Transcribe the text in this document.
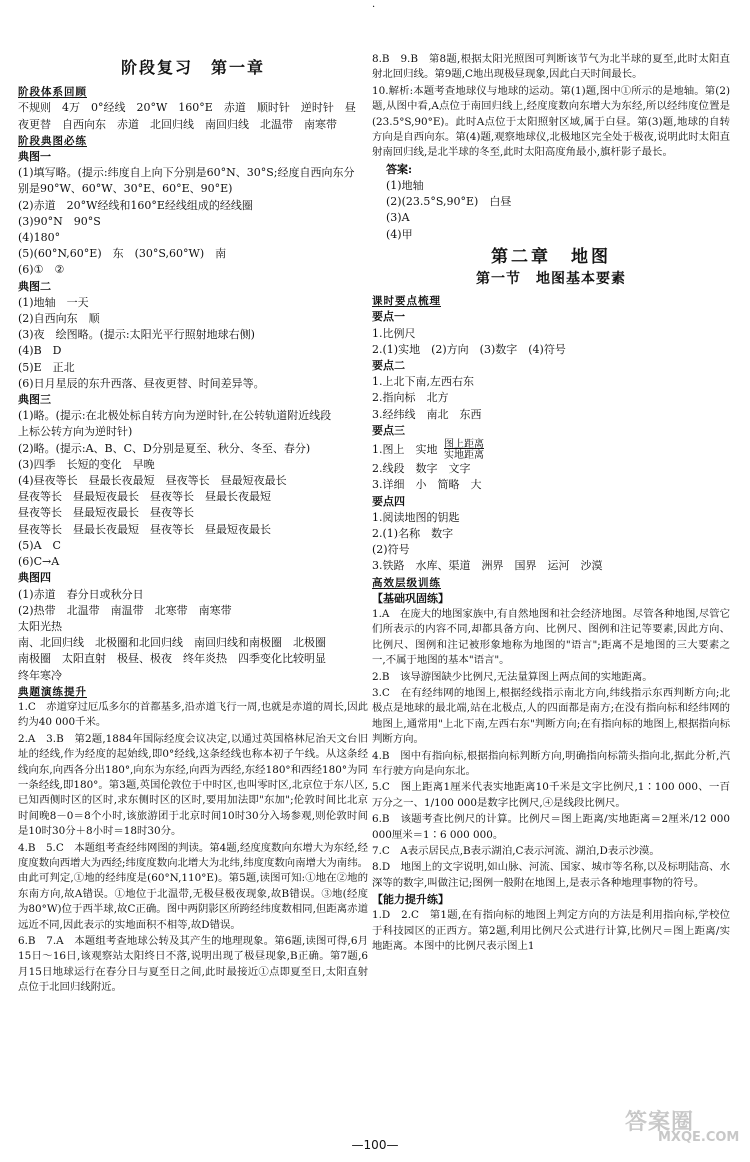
·
阶段复习　第一章
阶段体系回顾
不规则　4万　0°经线　20°W　160°E　赤道　顺时针　逆时针　昼
夜更替　自西向东　赤道　北回归线　南回归线　北温带　南寒带
阶段典图必练
典图一
(1)填写略。(提示:纬度自上向下分别是60°N、30°S;经度自西向东分
别是90°W、60°W、30°E、60°E、90°E)
(2)赤道　20°W经线和160°E经线组成的经线圈
(3)90°N　90°S
(4)180°
(5)(60°N,60°E)　东　(30°S,60°W)　南
(6)①　②
典图二
(1)地轴　一天
(2)自西向东　顺
(3)夜　绘图略。(提示:太阳光平行照射地球右侧)
(4)B　D
(5)E　正北
(6)日月星辰的东升西落、昼夜更替、时间差异等。
典图三
(1)略。(提示:在北极处标自转方向为逆时针,在公转轨道附近线段
上标公转方向为逆时针)
(2)略。(提示:A、B、C、D分别是夏至、秋分、冬至、春分)
(3)四季　长短的变化　早晚
(4)昼夜等长　昼最长夜最短　昼夜等长　昼最短夜最长
昼夜等长　昼最短夜最长　昼夜等长　昼最长夜最短
昼夜等长　昼最短夜最长　昼夜等长
昼夜等长　昼最长夜最短　昼夜等长　昼最短夜最长
(5)A　C
(6)C→A
典图四
(1)赤道　春分日或秋分日
(2)热带　北温带　南温带　北寒带　南寒带
太阳光热
南、北回归线　北极圈和北回归线　南回归线和南极圈　北极圈
南极圈　太阳直射　极昼、极夜　终年炎热　四季变化比较明显
终年寒冷
典题演练提升

1.C　赤道穿过厄瓜多尔的首都基多,沿赤道飞行一周,也就是赤道的周长,因此约为40 000千米。

2.A　3.B　第2题,1884年国际经度会议决定,以通过英国格林尼治天文台旧址的经线,作为经度的起始线,即0°经线,这条经线也称本初子午线。从这条经线向东,向西各分出180°,向东为东经,向西为西经,东经180°和西经180°为同一条经线,即180°。第3题,英国伦敦位于中时区,也叫零时区,北京位于东八区,已知西侧时区的区时,求东侧时区的区时,要用加法即"东加";伦敦时间比北京时间晚8－0＝8个小时,该旅游团于北京时间10时30分入场参观,则伦敦时间是10时30分＋8小时＝18时30分。

4.B　5.C　本题组考查经纬网图的判读。第4题,经度度数向东增大为东经,经度度数向西增大为西经;纬度度数向北增大为北纬,纬度度数向南增大为南纬。由此可判定,①地的经纬度是(60°N,110°E)。第5题,读图可知:①地在②地的东南方向,故A错误。①地位于北温带,无极昼极夜现象,故B错误。③地(经度为80°W)位于西半球,故C正确。图中两阴影区所跨经纬度数相同,但距离赤道远近不同,因此表示的实地面积不相等,故D错误。

6.B　7.A　本题组考查地球公转及其产生的地理现象。第6题,读图可得,6月15日～16日,该观察站太阳终日不落,说明出现了极昼现象,B正确。第7题,6月15日地球运行在春分日与夏至日之间,此时最接近①点即夏至日,太阳直射点位于北回归线附近。

8.B　9.B　第8题,根据太阳光照图可判断该节气为北半球的夏至,此时太阳直射北回归线。第9题,C地出现极昼现象,因此白天时间最长。

10.解析:本题考查地球仪与地球的运动。第(1)题,图中①所示的是地轴。第(2)题,从图中看,A点位于南回归线上,经度度数向东增大为东经,所以经纬度位置是(23.5°S,90°E)。此时A点位于太阳照射区域,属于白昼。第(3)题,地球的自转方向是自西向东。第(4)题,观察地球仪,北极地区完全处于极夜,说明此时太阳直射南回归线,是北半球的冬至,此时太阳高度角最小,旗杆影子最长。

答案:
(1)地轴
(2)(23.5°S,90°E)　白昼
(3)A
(4)甲
第二章　地图
第一节　地图基本要素
课时要点梳理
要点一
1.比例尺
2.(1)实地　(2)方向　(3)数字　(4)符号
要点二
1.上北下南,左西右东
2.指向标　北方
3.经纬线　南北　东西
要点三
1.图上　实地 $\frac{\text{图上距离}}{\text{实地距离}}$
2.线段　数字　文字
3.详细　小　简略　大
要点四
1.阅读地图的钥匙
2.(1)名称　数字
(2)符号
3.铁路　水库、渠道　洲界　国界　运河　沙漠
高效层级训练
【基础巩固练】

1.A　在庞大的地图家族中,有自然地图和社会经济地图。尽管各种地图,尽管它们所表示的内容不同,却都具备方向、比例尺、图例和注记等要素,因此方向、比例尺、图例和注记被形象地称为地图的"语言";距离不是地图的三大要素之一,不属于地图的基本"语言"。

2.B　该导游图缺少比例尺,无法量算图上两点间的实地距离。

3.C　在有经纬网的地图上,根据经线指示南北方向,纬线指示东西判断方向;北极点是地球的最北端,站在北极点,人的四面都是南方;在没有指向标和经纬网的地图上,通常用"上北下南,左西右东"判断方向;在有指向标的地图上,根据指向标判断方向。

4.B　图中有指向标,根据指向标判断方向,明确指向标箭头指向北,据此分析,汽车行驶方向是向东北。

5.C　图上距离1厘米代表实地距离10千米是文字比例尺,1∶100 000、一百万分之一、1/100 000是数字比例尺,④是线段比例尺。

6.B　该题考查比例尺的计算。比例尺＝图上距离/实地距离＝2厘米/12 000 000厘米＝1∶6 000 000。

7.C　A表示居民点,B表示湖泊,C表示河流、湖泊,D表示沙漠。

8.D　地图上的文字说明,如山脉、河流、国家、城市等名称,以及标明陆高、水深等的数字,叫做注记;图例一般附在地图上,是表示各种地理事物的符号。

【能力提升练】

1.D　2.C　第1题,在有指向标的地图上判定方向的方法是利用指向标,学校位于科技园区的正西方。第2题,利用比例尺公式进行计算,比例尺＝图上距离/实地距离。本图中的比例尺表示图上1

—100—
答案圈
MXQE.COM
